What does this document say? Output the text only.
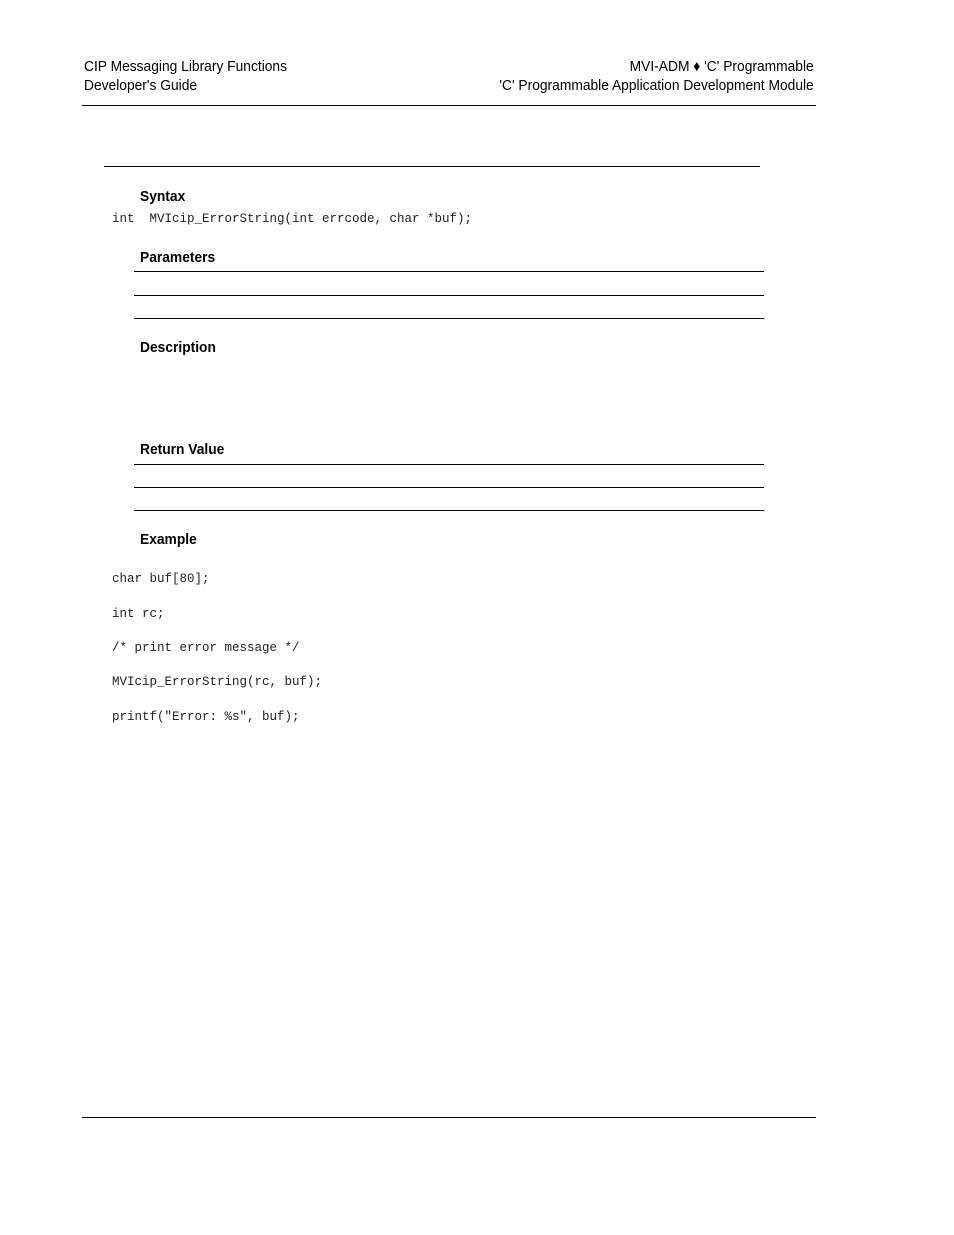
CIP Messaging Library Functions
Developer's Guide
MVI-ADM ♦ 'C' Programmable
'C' Programmable Application Development Module
Syntax
int  MVIcip_ErrorString(int errcode, char *buf);
Parameters
Description
Return Value
Example

char buf[80];

int rc;

/* print error message */

MVIcip_ErrorString(rc, buf);

printf("Error: %s", buf);
